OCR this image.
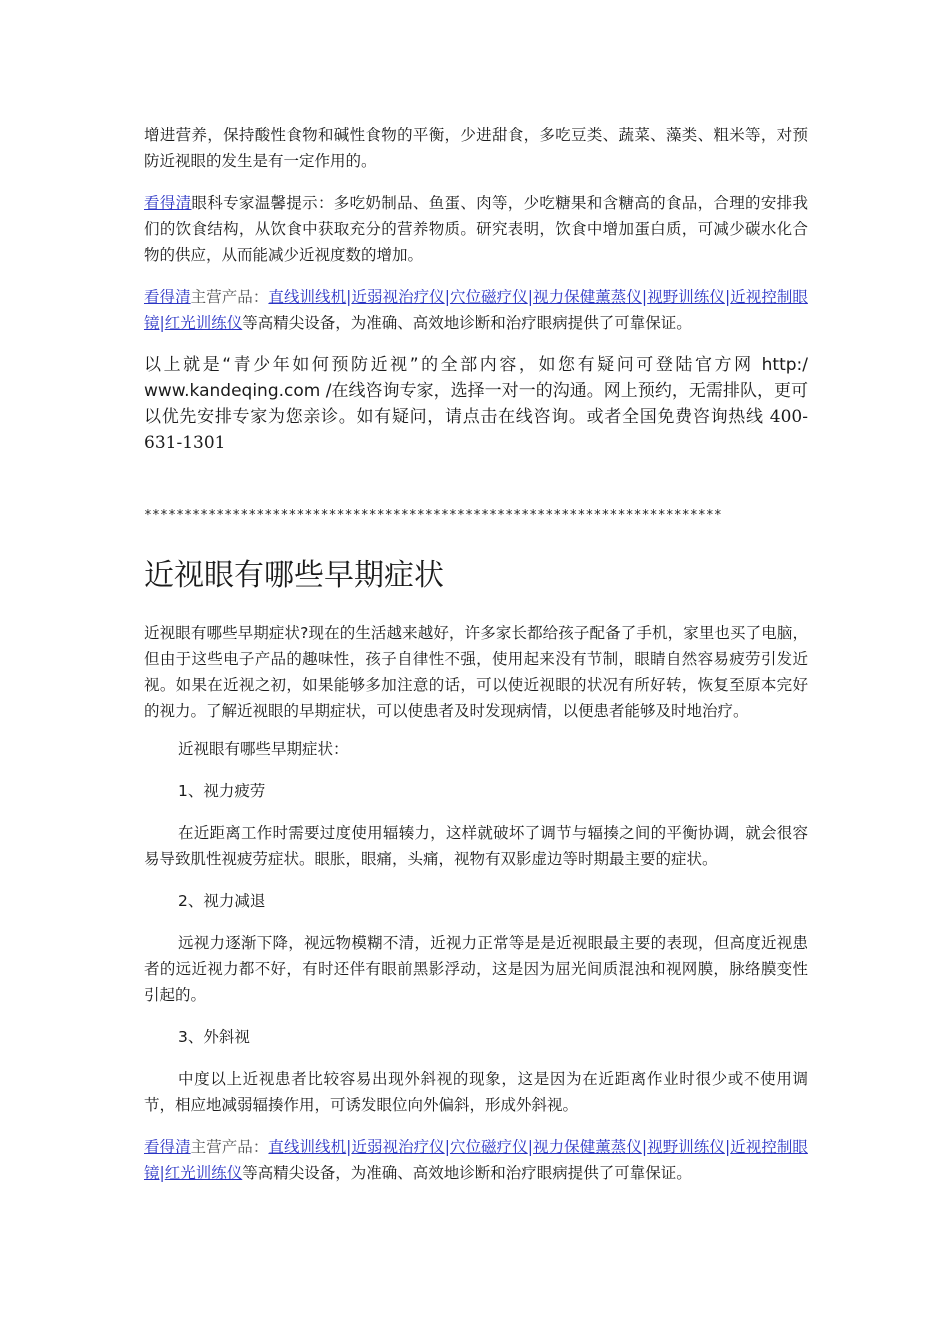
增进营养，保持酸性食物和碱性食物的平衡，少进甜食，多吃豆类、蔬菜、藻类、粗米等，对预防近视眼的发生是有一定作用的。

看得清眼科专家温馨提示：多吃奶制品、鱼蛋、肉等，少吃糖果和含糖高的食品，合理的安排我们的饮食结构，从饮食中获取充分的营养物质。研究表明，饮食中增加蛋白质，可减少碳水化合物的供应，从而能减少近视度数的增加。

看得清主营产品：直线训线机|近弱视治疗仪|穴位磁疗仪|视力保健薰蒸仪|视野训练仪|近视控制眼镜|红光训练仪等高精尖设备，为准确、高效地诊断和治疗眼病提供了可靠保证。

以上就是“青少年如何预防近视”的全部内容，如您有疑问可登陆官方网 http:/ www.kandeqing.com /在线咨询专家，选择一对一的沟通。网上预约，无需排队，更可以优先安排专家为您亲诊。如有疑问，请点击在线咨询。或者全国免费咨询热线 400-631-1301

************************************************************************
近视眼有哪些早期症状

近视眼有哪些早期症状?现在的生活越来越好，许多家长都给孩子配备了手机，家里也买了电脑，但由于这些电子产品的趣味性，孩子自律性不强，使用起来没有节制，眼睛自然容易疲劳引发近视。如果在近视之初，如果能够多加注意的话，可以使近视眼的状况有所好转，恢复至原本完好的视力。了解近视眼的早期症状，可以使患者及时发现病情，以便患者能够及时地治疗。

近视眼有哪些早期症状：

1、视力疲劳

在近距离工作时需要过度使用辐辏力，这样就破坏了调节与辐揍之间的平衡协调，就会很容易导致肌性视疲劳症状。眼胀，眼痛，头痛，视物有双影虚边等时期最主要的症状。

2、视力减退

远视力逐渐下降，视远物模糊不清，近视力正常等是是近视眼最主要的表现，但高度近视患者的远近视力都不好，有时还伴有眼前黑影浮动，这是因为屈光间质混浊和视网膜，脉络膜变性引起的。

3、外斜视

中度以上近视患者比较容易出现外斜视的现象，这是因为在近距离作业时很少或不使用调节，相应地减弱辐揍作用，可诱发眼位向外偏斜，形成外斜视。

看得清主营产品：直线训线机|近弱视治疗仪|穴位磁疗仪|视力保健薰蒸仪|视野训练仪|近视控制眼镜|红光训练仪等高精尖设备，为准确、高效地诊断和治疗眼病提供了可靠保证。
